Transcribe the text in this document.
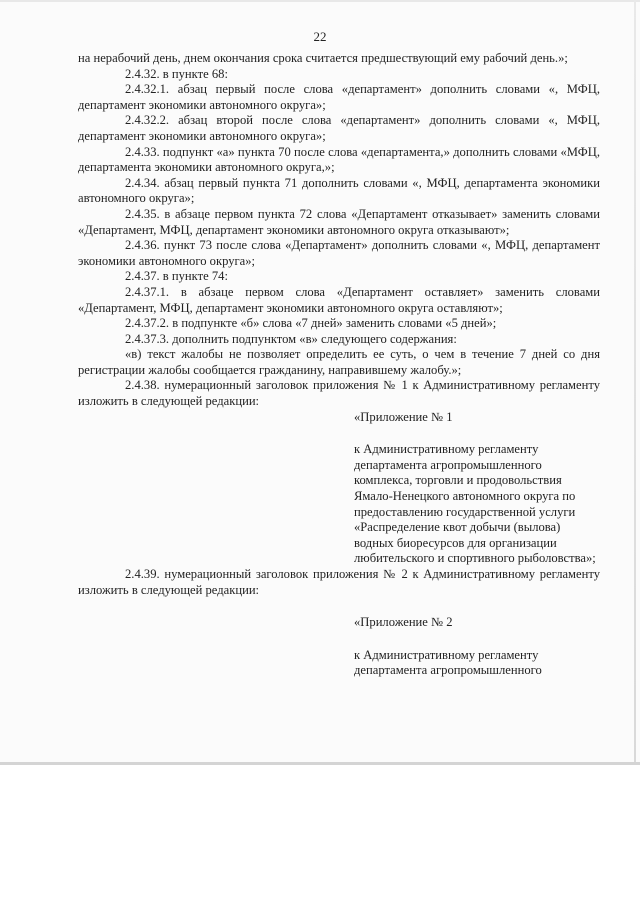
22

на нерабочий день, днем окончания срока считается предшествующий ему рабочий день.»;

2.4.32. в пункте 68:

2.4.32.1. абзац первый после слова «департамент» дополнить словами «, МФЦ, департамент экономики автономного округа»;

2.4.32.2. абзац второй после слова «департамент» дополнить словами «, МФЦ, департамент экономики автономного округа»;

2.4.33. подпункт «а» пункта 70 после слова «департамента,» дополнить словами «МФЦ, департамента экономики автономного округа,»;

2.4.34. абзац первый пункта 71 дополнить словами «, МФЦ, департамента экономики автономного округа»;

2.4.35. в абзаце первом пункта 72 слова «Департамент отказывает» заменить словами «Департамент, МФЦ, департамент экономики автономного округа отказывают»;

2.4.36. пункт 73 после слова «Департамент» дополнить словами «, МФЦ, департамент экономики автономного округа»;

2.4.37. в пункте 74:

2.4.37.1. в абзаце первом слова «Департамент оставляет» заменить словами «Департамент, МФЦ, департамент экономики автономного округа оставляют»;

2.4.37.2. в подпункте «б» слова «7 дней» заменить словами «5 дней»;

2.4.37.3. дополнить подпунктом «в» следующего содержания:

«в) текст жалобы не позволяет определить ее суть, о чем в течение 7 дней со дня регистрации жалобы сообщается гражданину, направившему жалобу.»;

2.4.38. нумерационный заголовок приложения № 1 к Административному регламенту изложить в следующей редакции:

«Приложение № 1

к Административному регламенту департамента агропромышленного комплекса, торговли и продовольствия Ямало-Ненецкого автономного округа по предоставлению государственной услуги «Распределение квот добычи (вылова) водных биоресурсов для организации любительского и спортивного рыболовства»;

2.4.39. нумерационный заголовок приложения № 2 к Административному регламенту изложить в следующей редакции:

«Приложение № 2

к Административному регламенту департамента агропромышленного
